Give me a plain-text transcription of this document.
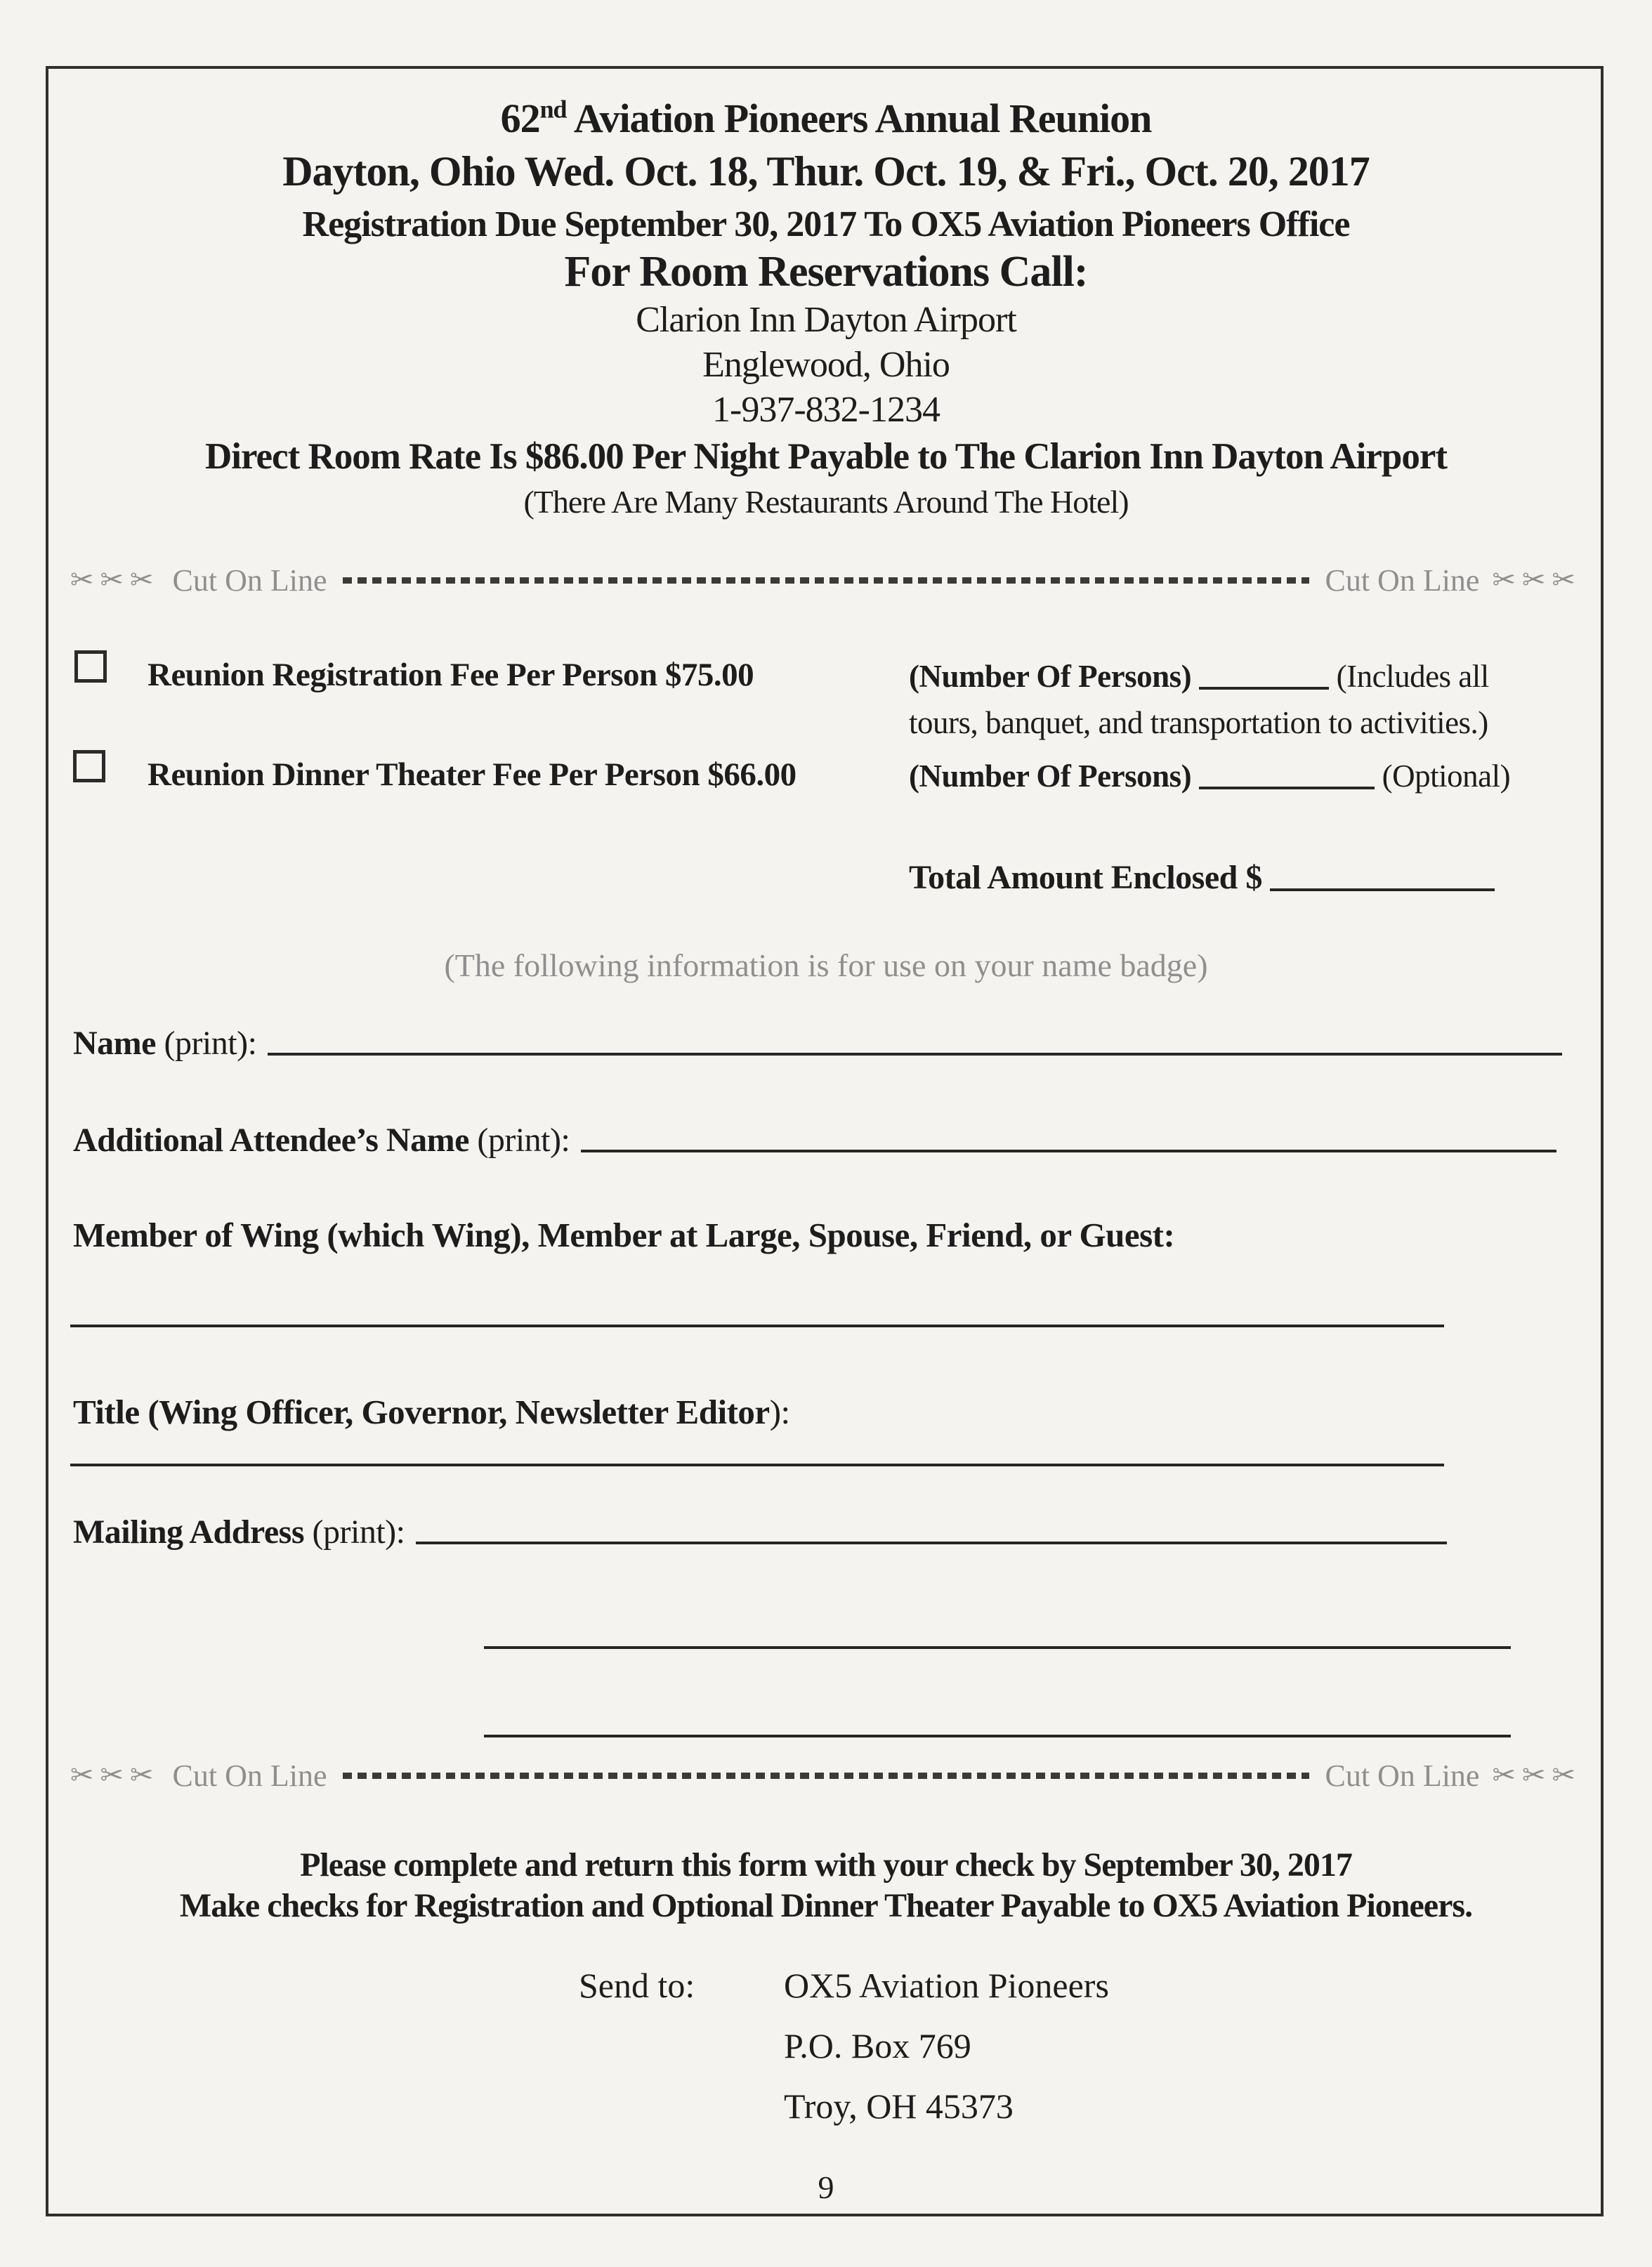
62nd Aviation Pioneers Annual Reunion
Dayton, Ohio Wed. Oct. 18, Thur. Oct. 19, & Fri., Oct. 20, 2017
Registration Due September 30, 2017 To OX5 Aviation Pioneers Office
For Room Reservations Call:
Clarion Inn Dayton Airport
Englewood, Ohio
1-937-832-1234
Direct Room Rate Is $86.00 Per Night Payable to The Clarion Inn Dayton Airport
(There Are Many Restaurants Around The Hotel)
✂✂✂ Cut On Line	Cut On Line ✂✂✂
Reunion Registration Fee Per Person $75.00	(Number Of Persons)	(Includes all
tours, banquet, and transportation to activities.)
Reunion Dinner Theater Fee Per Person $66.00	(Number Of Persons)	(Optional)
Total Amount Enclosed $
(The following information is for use on your name badge)
Name (print):
Additional Attendee’s Name (print):
Member of Wing (which Wing), Member at Large, Spouse, Friend, or Guest:
Title (Wing Officer, Governor, Newsletter Editor):
Mailing Address (print):
✂✂✂ Cut On Line	Cut On Line ✂✂✂
Please complete and return this form with your check by September 30, 2017
Make checks for Registration and Optional Dinner Theater Payable to OX5 Aviation Pioneers.
Send to:	OX5 Aviation Pioneers
P.O. Box 769
Troy, OH 45373
9
